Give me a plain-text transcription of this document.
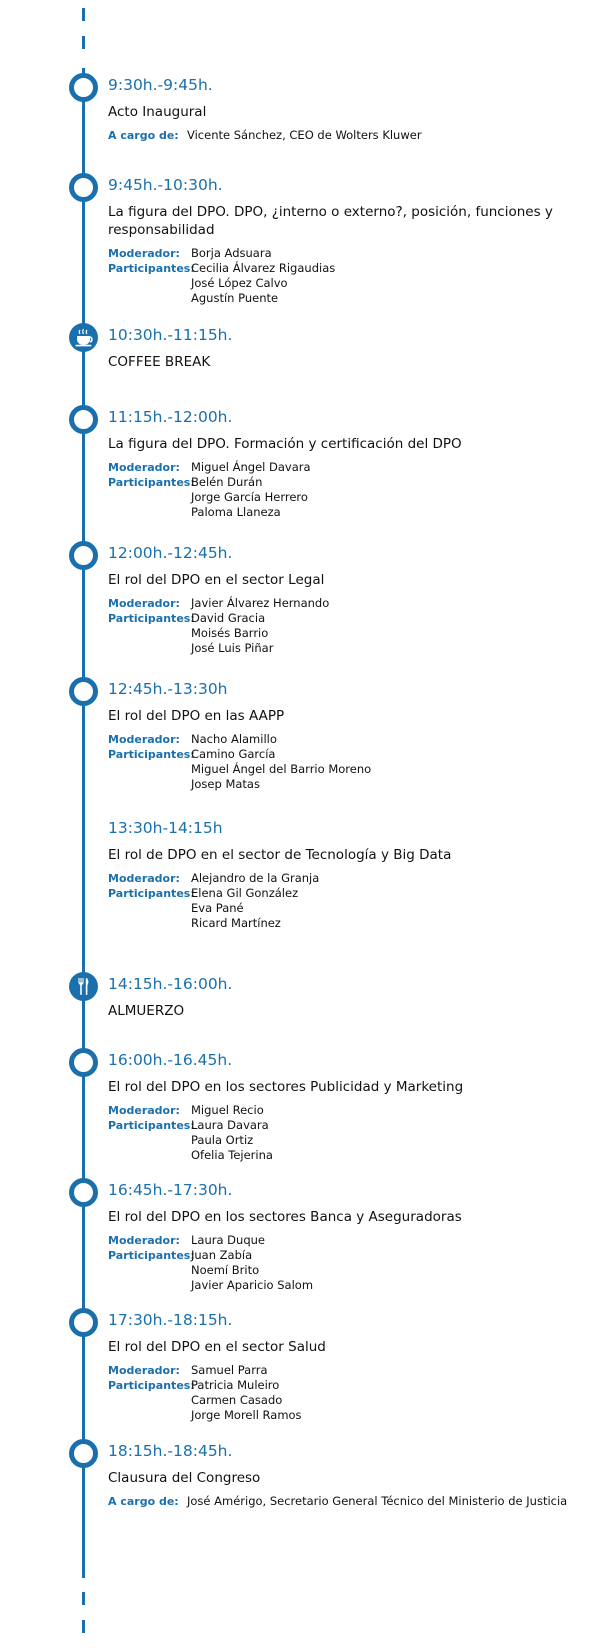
9:30h.-9:45h.
Acto Inaugural
A cargo de: Vicente Sánchez, CEO de Wolters Kluwer
9:45h.-10:30h.
La figura del DPO. DPO, ¿interno o externo?, posición, funciones y responsabilidad
Moderador: Borja Adsuara
Participantes:
Cecilia Álvarez Rigaudias
José López Calvo
Agustín Puente
10:30h.-11:15h.
COFFEE BREAK
11:15h.-12:00h.
La figura del DPO. Formación y certificación del DPO
Moderador: Miguel Ángel Davara
Participantes:
Belén Durán
Jorge García Herrero
Paloma Llaneza
12:00h.-12:45h.
El rol del DPO en el sector Legal
Moderador: Javier Álvarez Hernando
Participantes:
David Gracia
Moisés Barrio
José Luis Piñar
12:45h.-13:30h
El rol del DPO en las AAPP
Moderador: Nacho Alamillo
Participantes:
Camino García
Miguel Ángel del Barrio Moreno
Josep Matas
13:30h-14:15h
El rol de DPO en el sector de Tecnología y Big Data
Moderador: Alejandro de la Granja
Participantes:
Elena Gil González
Eva Pané
Ricard Martínez
14:15h.-16:00h.
ALMUERZO
16:00h.-16.45h.
El rol del DPO en los sectores Publicidad y Marketing
Moderador: Miguel Recio
Participantes:
Laura Davara
Paula Ortiz
Ofelia Tejerina
16:45h.-17:30h.
El rol del DPO en los sectores Banca y Aseguradoras
Moderador: Laura Duque
Participantes:
Juan Zabía
Noemí Brito
Javier Aparicio Salom
17:30h.-18:15h.
El rol del DPO en el sector Salud
Moderador: Samuel Parra
Participantes:
Patricia Muleiro
Carmen Casado
Jorge Morell Ramos
18:15h.-18:45h.
Clausura del Congreso
A cargo de: José Amérigo, Secretario General Técnico del Ministerio de Justicia
